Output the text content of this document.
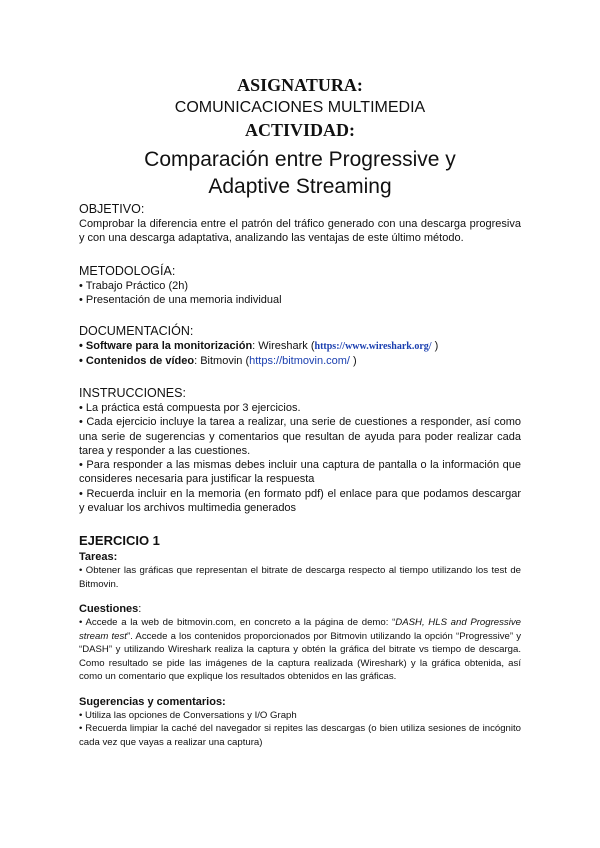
ASIGNATURA:
COMUNICACIONES MULTIMEDIA
ACTIVIDAD:
Comparación entre Progressive y
Adaptive Streaming

OBJETIVO:

Comprobar la diferencia entre el patrón del tráfico generado con una descarga progresiva y con una descarga adaptativa, analizando las ventajas de este último método.

METODOLOGÍA:

• Trabajo Práctico (2h)

• Presentación de una memoria individual

DOCUMENTACIÓN:

• Software para la monitorización: Wireshark (https://www.wireshark.org/ )

• Contenidos de vídeo: Bitmovin (https://bitmovin.com/ )

INSTRUCCIONES:

• La práctica está compuesta por 3 ejercicios.

• Cada ejercicio incluye la tarea a realizar, una serie de cuestiones a responder, así como una serie de sugerencias y comentarios que resultan de ayuda para poder realizar cada tarea y responder a las cuestiones.

• Para responder a las mismas debes incluir una captura de pantalla o la información que consideres necesaria para justificar la respuesta

• Recuerda incluir en la memoria (en formato pdf) el enlace para que podamos descargar y evaluar los archivos multimedia generados

EJERCICIO 1

Tareas:

• Obtener las gráficas que representan el bitrate de descarga respecto al tiempo utilizando los test de Bitmovin.

Cuestiones:

• Accede a la web de bitmovin.com, en concreto a la página de demo: “DASH, HLS and Progressive stream test”. Accede a los contenidos proporcionados por Bitmovin utilizando la opción “Progressive” y “DASH” y utilizando Wireshark realiza la captura y obtén la gráfica del bitrate vs tiempo de descarga. Como resultado se pide las imágenes de la captura realizada (Wireshark) y la gráfica obtenida, así como un comentario que explique los resultados obtenidos en las gráficas.

Sugerencias y comentarios:

• Utiliza las opciones de Conversations y I/O Graph

• Recuerda limpiar la caché del navegador si repites las descargas (o bien utiliza sesiones de incógnito cada vez que vayas a realizar una captura)
